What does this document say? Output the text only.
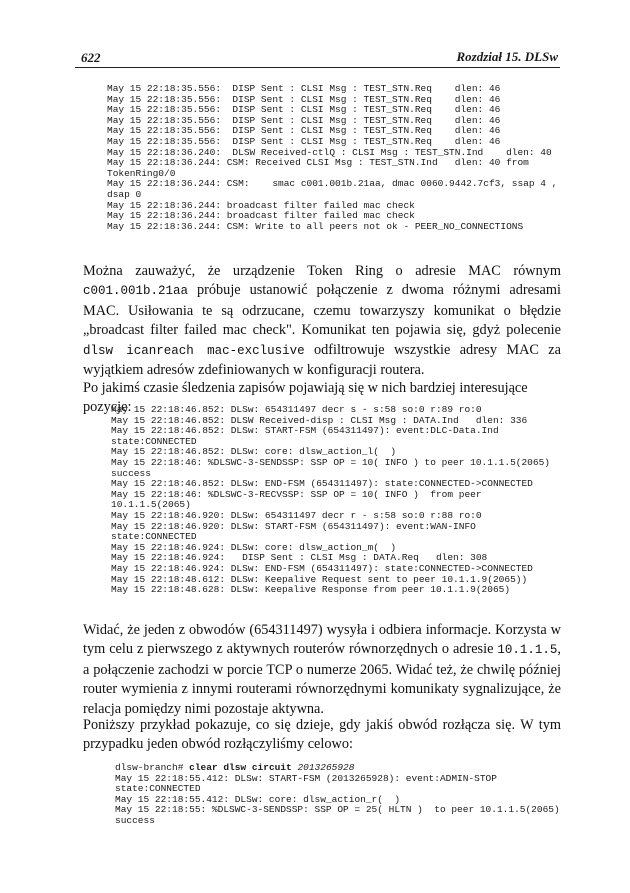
622	Rozdział 15. DLSw
May 15 22:18:35.556:  DISP Sent : CLSI Msg : TEST_STN.Req    dlen: 46
May 15 22:18:35.556:  DISP Sent : CLSI Msg : TEST_STN.Req    dlen: 46
May 15 22:18:35.556:  DISP Sent : CLSI Msg : TEST_STN.Req    dlen: 46
May 15 22:18:35.556:  DISP Sent : CLSI Msg : TEST_STN.Req    dlen: 46
May 15 22:18:35.556:  DISP Sent : CLSI Msg : TEST_STN.Req    dlen: 46
May 15 22:18:35.556:  DISP Sent : CLSI Msg : TEST_STN.Req    dlen: 46
May 15 22:18:36.240:  DLSW Received-ctlQ : CLSI Msg : TEST_STN.Ind    dlen: 40
May 15 22:18:36.244: CSM: Received CLSI Msg : TEST_STN.Ind   dlen: 40 from
TokenRing0/0
May 15 22:18:36.244: CSM:    smac c001.001b.21aa, dmac 0060.9442.7cf3, ssap 4 ,
dsap 0
May 15 22:18:36.244: broadcast filter failed mac check
May 15 22:18:36.244: broadcast filter failed mac check
May 15 22:18:36.244: CSM: Write to all peers not ok - PEER_NO_CONNECTIONS

Można zauważyć, że urządzenie Token Ring o adresie MAC równym c001.001b.21aa próbuje ustanowić połączenie z dwoma różnymi adresami MAC. Usiłowania te są odrzucane, czemu towarzyszy komunikat o błędzie „broadcast filter failed mac check". Komunikat ten pojawia się, gdyż polecenie dlsw icanreach mac-exclusive odfiltrowuje wszystkie adresy MAC za wyjątkiem adresów zdefiniowanych w konfiguracji routera.

Po jakimś czasie śledzenia zapisów pojawiają się w nich bardziej interesujące pozycje:

May 15 22:18:46.852: DLSw: 654311497 decr s - s:58 so:0 r:89 ro:0
May 15 22:18:46.852: DLSW Received-disp : CLSI Msg : DATA.Ind   dlen: 336
May 15 22:18:46.852: DLSw: START-FSM (654311497): event:DLC-Data.Ind
state:CONNECTED
May 15 22:18:46.852: DLSw: core: dlsw_action_l(  )
May 15 22:18:46: %DLSWC-3-SENDSSP: SSP OP = 10( INFO ) to peer 10.1.1.5(2065)
success
May 15 22:18:46.852: DLSw: END-FSM (654311497): state:CONNECTED->CONNECTED
May 15 22:18:46: %DLSWC-3-RECVSSP: SSP OP = 10( INFO )  from peer
10.1.1.5(2065)
May 15 22:18:46.920: DLSw: 654311497 decr r - s:58 so:0 r:88 ro:0
May 15 22:18:46.920: DLSw: START-FSM (654311497): event:WAN-INFO
state:CONNECTED
May 15 22:18:46.924: DLSw: core: dlsw_action_m(  )
May 15 22:18:46.924:   DISP Sent : CLSI Msg : DATA.Req   dlen: 308
May 15 22:18:46.924: DLSw: END-FSM (654311497): state:CONNECTED->CONNECTED
May 15 22:18:48.612: DLSw: Keepalive Request sent to peer 10.1.1.9(2065))
May 15 22:18:48.628: DLSw: Keepalive Response from peer 10.1.1.9(2065)

Widać, że jeden z obwodów (654311497) wysyła i odbiera informacje. Korzysta w tym celu z pierwszego z aktywnych routerów równorzędnych o adresie 10.1.1.5, a połączenie zachodzi w porcie TCP o numerze 2065. Widać też, że chwilę później router wymienia z innymi routerami równorzędnymi komunikaty sygnalizujące, że relacja pomiędzy nimi pozostaje aktywna.

Poniższy przykład pokazuje, co się dzieje, gdy jakiś obwód rozłącza się. W tym przypadku jeden obwód rozłączyliśmy celowo:

dlsw-branch# clear dlsw circuit 2013265928
May 15 22:18:55.412: DLSw: START-FSM (2013265928): event:ADMIN-STOP
state:CONNECTED
May 15 22:18:55.412: DLSw: core: dlsw_action_r(  )
May 15 22:18:55: %DLSWC-3-SENDSSP: SSP OP = 25( HLTN )  to peer 10.1.1.5(2065)
success
